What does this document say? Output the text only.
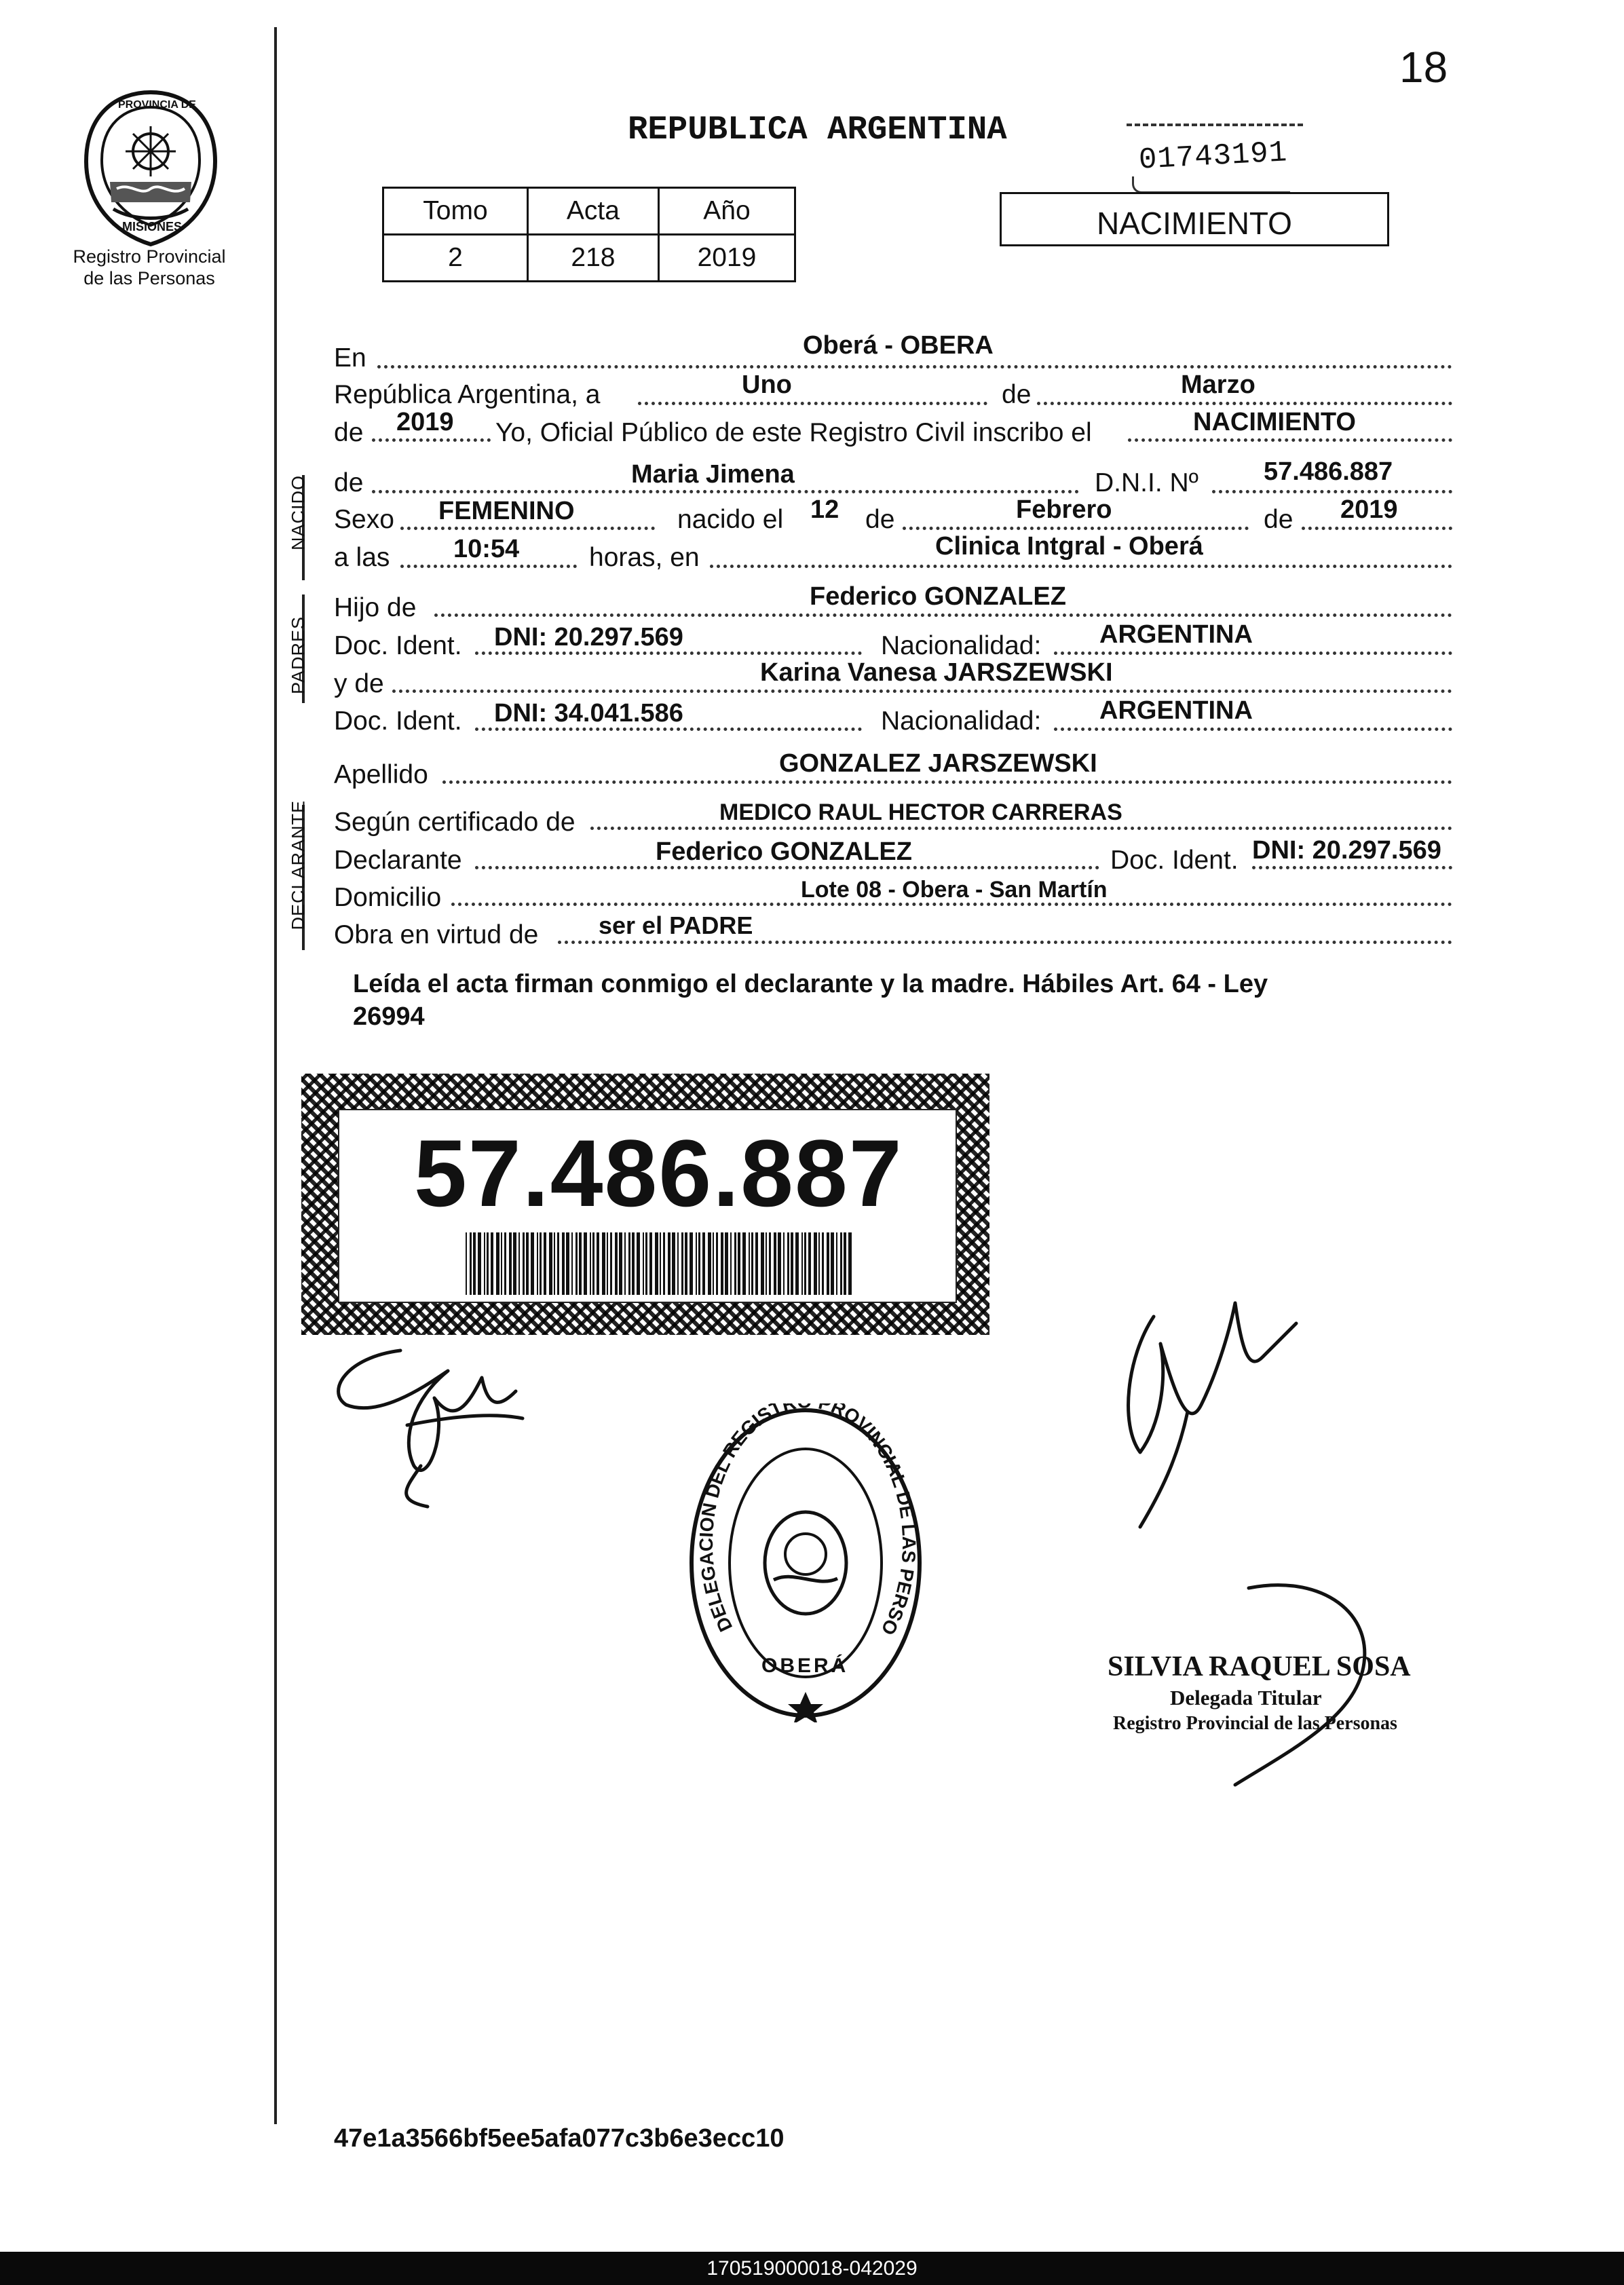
18
PROVINCIA DE
MISIONES
Registro Provincial
de las Personas
REPUBLICA ARGENTINA
01743191
Tomo	Acta	Año
2	218	2019
NACIMIENTO
NACIDO
PADRES
DECLARANTE
En	Oberá - OBERA
República Argentina, a	Uno	de	Marzo
de 2019 Yo, Oficial Público de este Registro Civil inscribo el	NACIMIENTO
de	Maria Jimena	D.N.I. Nº	57.486.887
Sexo FEMENINO	nacido el 12 de	Febrero	de 2019
a las 10:54	horas, en	Clinica Intgral - Oberá
Hijo de	Federico GONZALEZ
Doc. Ident. DNI: 20.297.569	Nacionalidad: ARGENTINA
y de	Karina Vanesa JARSZEWSKI
Doc. Ident. DNI: 34.041.586	Nacionalidad: ARGENTINA
Apellido	GONZALEZ JARSZEWSKI
Según certificado de	MEDICO RAUL HECTOR CARRERAS
Declarante	Federico GONZALEZ	Doc. Ident. DNI: 20.297.569
Domicilio	Lote 08 - Obera - San Martín
Obra en virtud de ser el PADRE
Leída el acta firman conmigo el declarante y la madre. Hábiles Art. 64 - Ley
26994
57.486.887
DELEGACION DEL REGISTR ROVINCIAL DE LAS PERSO
OBERÁ	SILVIA RAQUEL SOSA
Delegada Titular
Registro Provincial de las Personas
47e1a3566bf5ee5afa077c3b6e3ecc10
170519000018-042029
